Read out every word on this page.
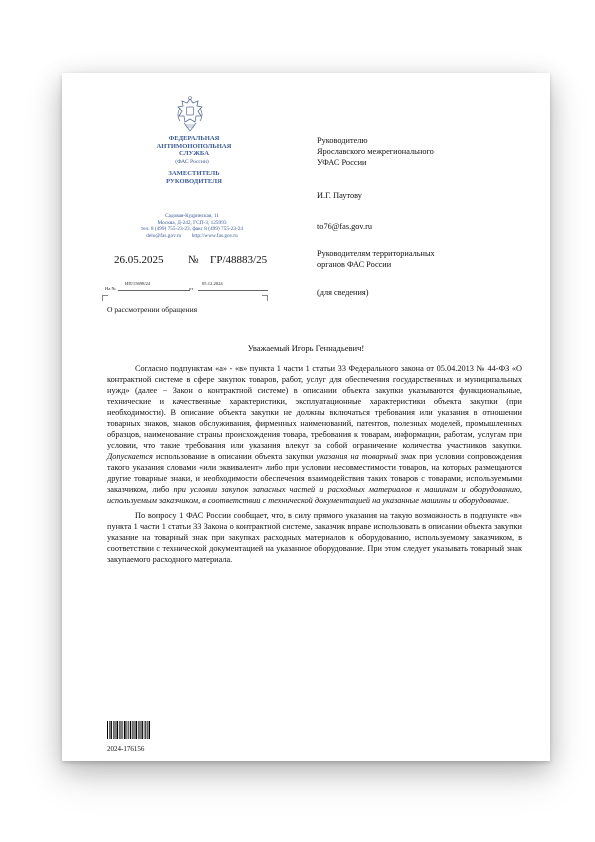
ФЕДЕРАЛЬНАЯ
АНТИМОНОПОЛЬНАЯ
СЛУЖБА
(ФАС России)
ЗАМЕСТИТЕЛЬ
РУКОВОДИТЕЛЯ
Садовая-Кудринская, 11
Москва, Д-242, ГСП-3, 125993
тел. 8 (499) 755-23-23, факс 8 (499) 755-23-24
delo@fas.gov.ru        http://www.fas.gov.ru
26.05.2025 № ГР/48883/25
На №
ИП/15698/24
от
05.12.2024
О рассмотрении обращения
Руководителю
Ярославского межрегионального
УФАС России
И.Г. Паутову
to76@fas.gov.ru
Руководителям территориальных
органов ФАС России
(для сведения)
Уважаемый Игорь Геннадьевич!

Согласно подпунктам «а» - «в» пункта 1 части 1 статьи 33 Федерального закона от 05.04.2013 № 44-ФЗ «О контрактной системе в сфере закупок товаров, работ, услуг для обеспечения государственных и муниципальных нужд» (далее − Закон о контрактной системе) в описании объекта закупки указываются функциональные, технические и качественные характеристики, эксплуатационные характеристики объекта закупки (при необходимости). В описание объекта закупки не должны включаться требования или указания в отношении товарных знаков, знаков обслуживания, фирменных наименований, патентов, полезных моделей, промышленных образцов, наименование страны происхождения товара, требования к товарам, информации, работам, услугам при условии, что такие требования или указания влекут за собой ограничение количества участников закупки. Допускается использование в описании объекта закупки указания на товарный знак при условии сопровождения такого указания словами «или эквивалент» либо при условии несовместимости товаров, на которых размещаются другие товарные знаки, и необходимости обеспечения взаимодействия таких товаров с товарами, используемыми заказчиком, либо при условии закупок запасных частей и расходных материалов к машинам и оборудованию, используемым заказчиком, в соответствии с технической документацией на указанные машины и оборудование.

По вопросу 1 ФАС России сообщает, что, в силу прямого указания на такую возможность в подпункте «в» пункта 1 части 1 статьи 33 Закона о контрактной системе, заказчик вправе использовать в описании объекта закупки указание на товарный знак при закупках расходных материалов к оборудованию, используемому заказчиком, в соответствии с технической документацией на указанное оборудование. При этом следует указывать товарный знак закупаемого расходного материала.

2024-176156
